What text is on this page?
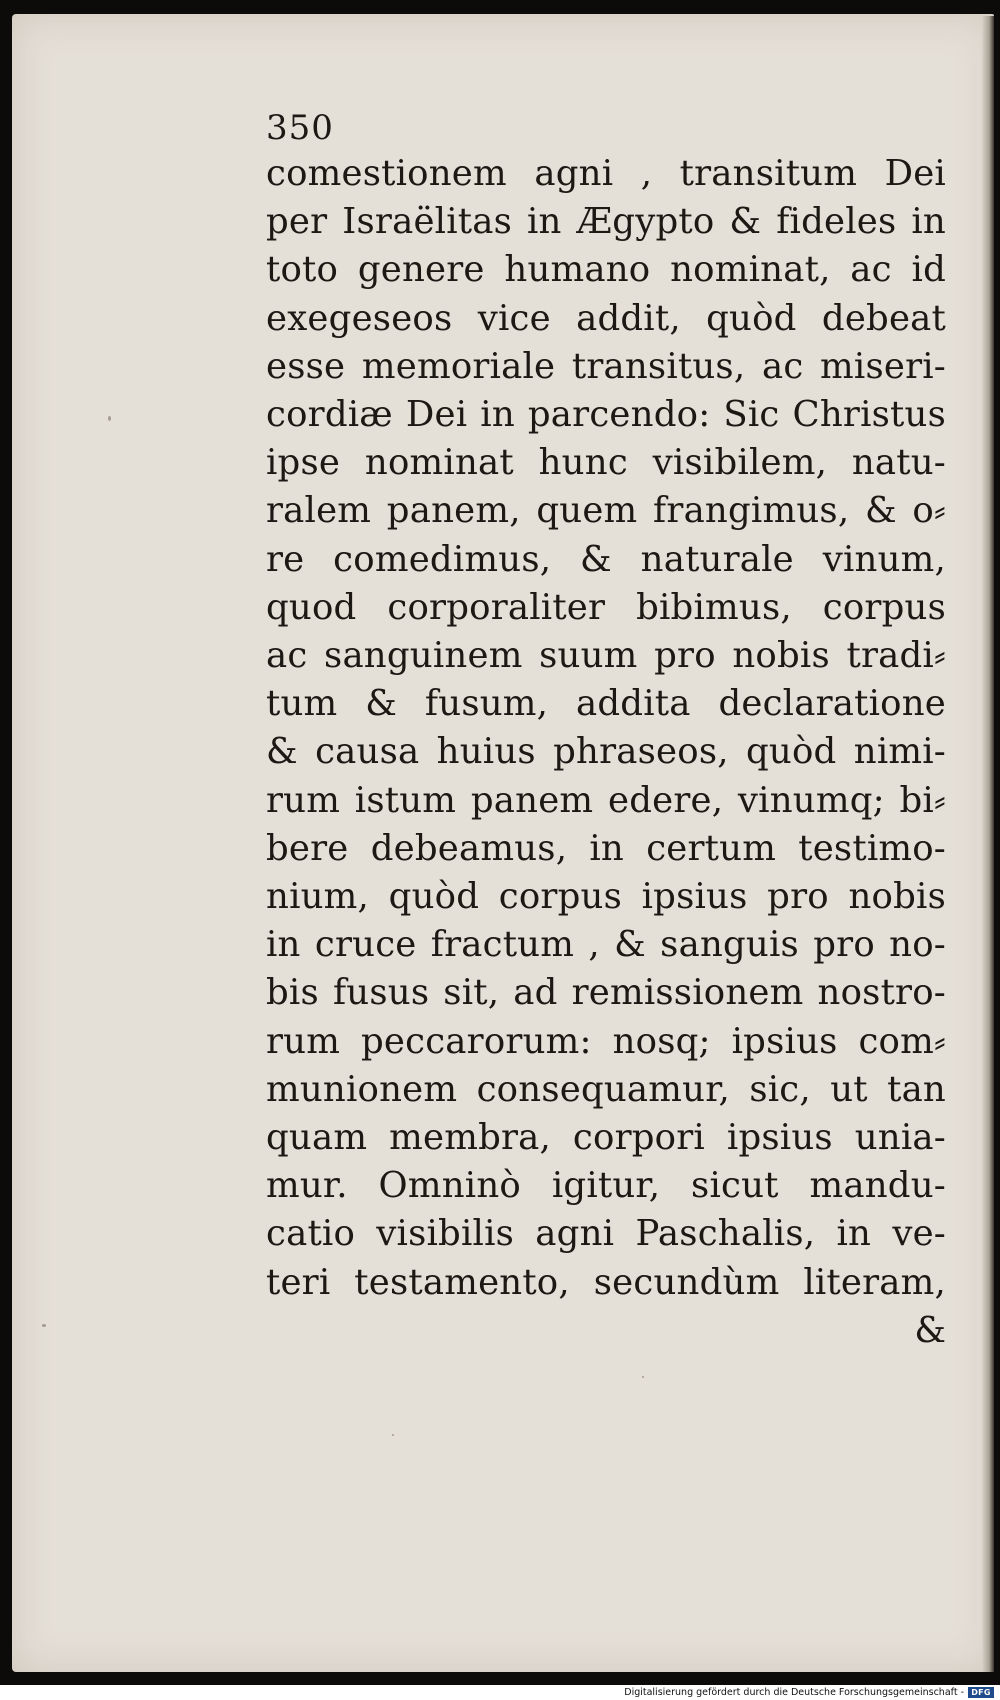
350
comestionem agni , transitum Dei
per Israëlitas in Ægypto & fideles in
toto genere humano nominat, ac id
exegeseos vice addit, quòd debeat
esse memoriale transitus, ac miseri-
cordiæ Dei in parcendo: Sic Christus
ipse nominat hunc visibilem, natu-
ralem panem, quem frangimus, & o⸗
re comedimus, & naturale vinum,
quod corporaliter bibimus, corpus
ac sanguinem suum pro nobis tradi⸗
tum & fusum, addita declaratione
& causa huius phraseos, quòd nimi-
rum istum panem edere, vinumq; bi⸗
bere debeamus, in certum testimo-
nium, quòd corpus ipsius pro nobis
in cruce fractum , & sanguis pro no-
bis fusus sit, ad remissionem nostro-
rum peccarorum: nosq; ipsius com⸗
munionem consequamur, sic, ut tan
quam membra, corpori ipsius unia-
mur. Omninò igitur, sicut mandu-
catio visibilis agni Paschalis, in ve-
teri testamento, secundùm literam,
&
Digitalisierung gefördert durch die Deutsche Forschungsgemeinschaft - DFG
